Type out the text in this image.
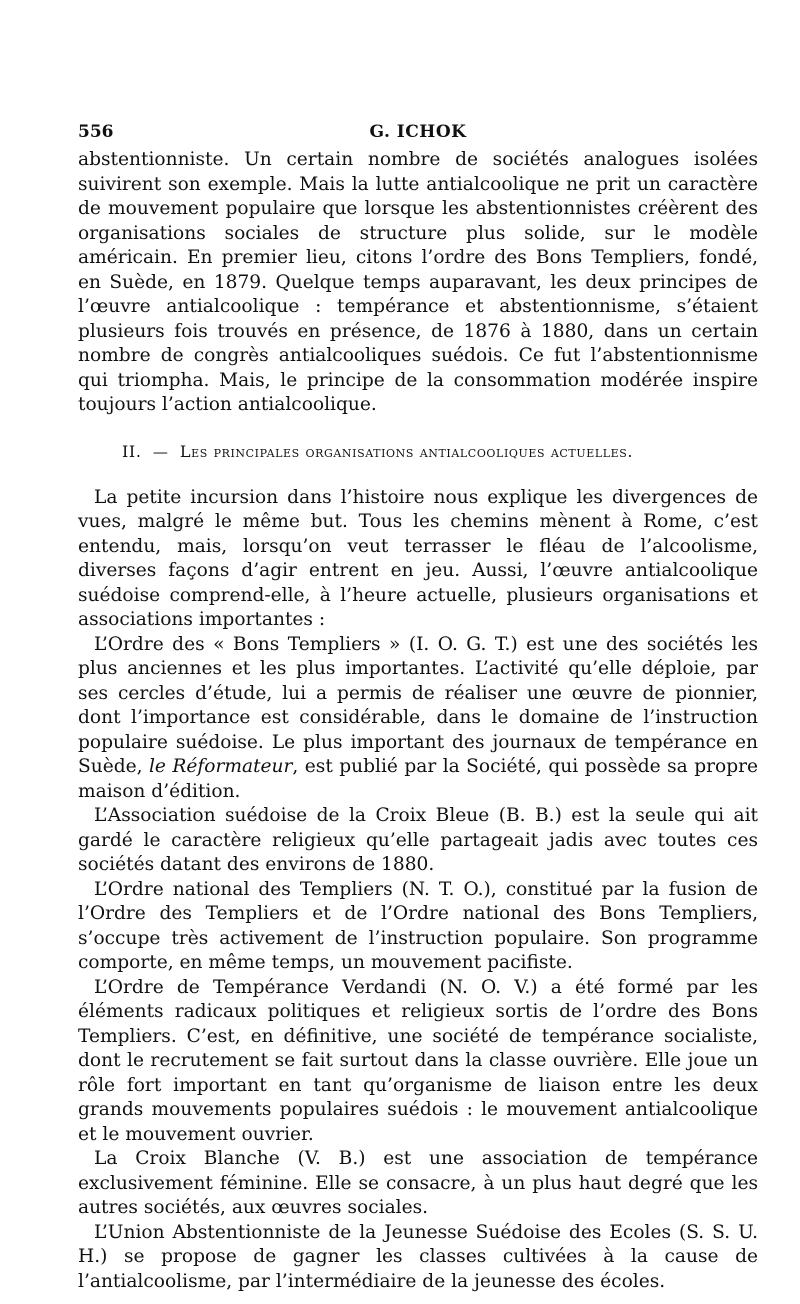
556	G. ICHOK

abstentionniste. Un certain nombre de sociétés analogues isolées suivirent son exemple. Mais la lutte antialcoolique ne prit un caractère de mouvement populaire que lorsque les abstentionnistes créèrent des organisations sociales de structure plus solide, sur le modèle américain. En premier lieu, citons l’ordre des Bons Templiers, fondé, en Suède, en 1879. Quelque temps auparavant, les deux principes de l’œuvre antialcoolique : tempérance et abstentionnisme, s’étaient plusieurs fois trouvés en présence, de 1876 à 1880, dans un certain nombre de congrès antialcooliques suédois. Ce fut l’abstentionnisme qui triompha. Mais, le principe de la consommation modérée inspire toujours l’action antialcoolique.

II. — Les principales organisations antialcooliques actuelles.

La petite incursion dans l’histoire nous explique les divergences de vues, malgré le même but. Tous les chemins mènent à Rome, c’est entendu, mais, lorsqu’on veut terrasser le fléau de l’alcoolisme, diverses façons d’agir entrent en jeu. Aussi, l’œuvre antialcoolique suédoise comprend-elle, à l’heure actuelle, plusieurs organisations et associations importantes :

L’Ordre des « Bons Templiers » (I. O. G. T.) est une des sociétés les plus anciennes et les plus importantes. L’activité qu’elle déploie, par ses cercles d’étude, lui a permis de réaliser une œuvre de pionnier, dont l’importance est considérable, dans le domaine de l’instruction populaire suédoise. Le plus important des journaux de tempérance en Suède, le Réformateur, est publié par la Société, qui possède sa propre maison d’édition.

L’Association suédoise de la Croix Bleue (B. B.) est la seule qui ait gardé le caractère religieux qu’elle partageait jadis avec toutes ces sociétés datant des environs de 1880.

L’Ordre national des Templiers (N. T. O.), constitué par la fusion de l’Ordre des Templiers et de l’Ordre national des Bons Templiers, s’occupe très activement de l’instruction populaire. Son programme comporte, en même temps, un mouvement pacifiste.

L’Ordre de Tempérance Verdandi (N. O. V.) a été formé par les éléments radicaux politiques et religieux sortis de l’ordre des Bons Templiers. C’est, en définitive, une société de tempérance socialiste, dont le recrutement se fait surtout dans la classe ouvrière. Elle joue un rôle fort important en tant qu’organisme de liaison entre les deux grands mouvements populaires suédois : le mouvement antialcoolique et le mouvement ouvrier.

La Croix Blanche (V. B.) est une association de tempérance exclusivement féminine. Elle se consacre, à un plus haut degré que les autres sociétés, aux œuvres sociales.

L’Union Abstentionniste de la Jeunesse Suédoise des Ecoles (S. S. U. H.) se propose de gagner les classes cultivées à la cause de l’antialcoolisme, par l’intermédiaire de la jeunesse des écoles.
